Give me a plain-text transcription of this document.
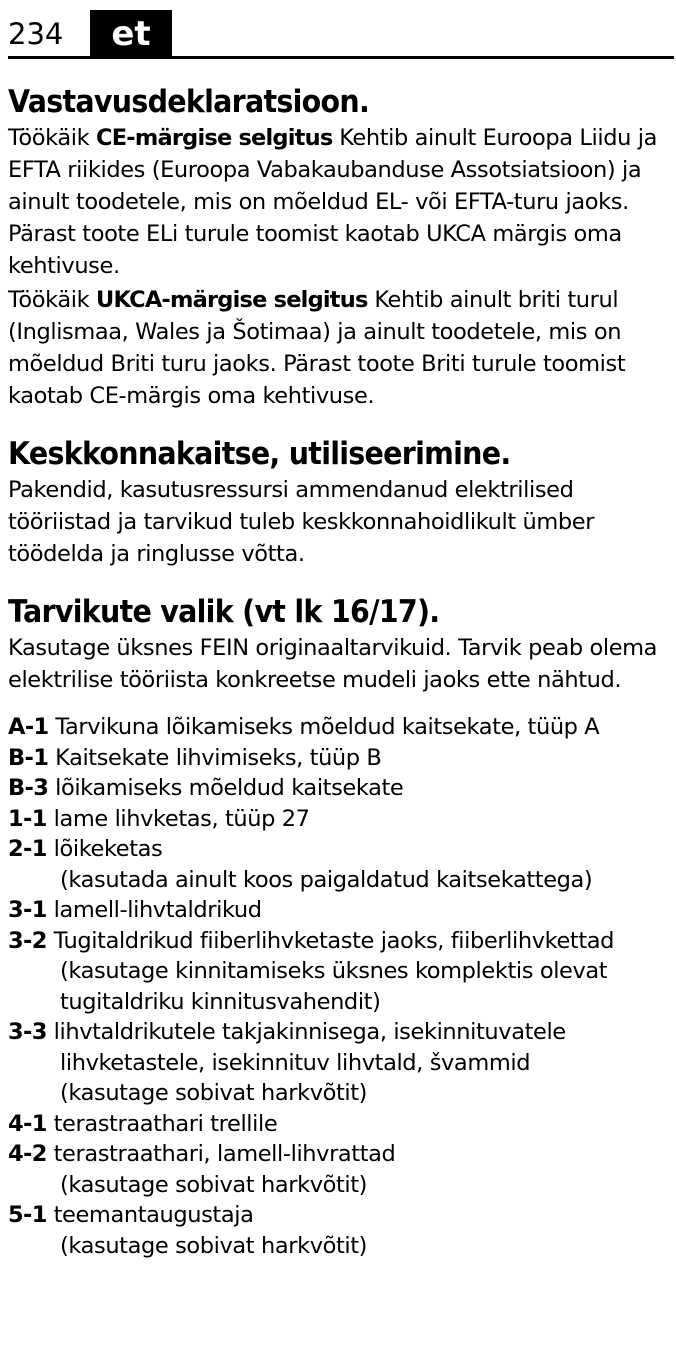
234	et
Vastavusdeklaratsioon.

Töökäik CE-märgise selgitus Kehtib ainult Euroopa Liidu ja EFTA riikides (Euroopa Vabakaubanduse Assotsiatsioon) ja ainult toodetele, mis on mõeldud EL- või EFTA-turu jaoks. Pärast toote ELi turule toomist kaotab UKCA märgis oma kehtivuse.

Töökäik UKCA-märgise selgitus Kehtib ainult briti turul (Inglismaa, Wales ja Šotimaa) ja ainult toodetele, mis on mõeldud Briti turu jaoks. Pärast toote Briti turule toomist kaotab CE-märgis oma kehtivuse.

Keskkonnakaitse, utiliseerimine.

Pakendid, kasutusressursi ammendanud elektrilised tööriistad ja tarvikud tuleb keskkonnahoidlikult ümber töödelda ja ringlusse võtta.

Tarvikute valik (vt lk 16/17).

Kasutage üksnes FEIN originaaltarvikuid. Tarvik peab olema elektrilise tööriista konkreetse mudeli jaoks ette nähtud.

A-1 Tarvikuna lõikamiseks mõeldud kaitsekate, tüüp A
B-1 Kaitsekate lihvimiseks, tüüp B
B-3 lõikamiseks mõeldud kaitsekate
1-1 lame lihvketas, tüüp 27
2-1 lõikeketas
(kasutada ainult koos paigaldatud kaitsekattega)
3-1 lamell-lihvtaldrikud
3-2 Tugitaldrikud fiiberlihvketaste jaoks, fiiberlihvkettad
(kasutage kinnitamiseks üksnes komplektis olevat tugitaldriku kinnitusvahendit)
3-3 lihvtaldrikutele takjakinnisega, isekinnituvatele lihvketastele, isekinnituv lihvtald, švammid
(kasutage sobivat harkvõtit)
4-1 terastraathari trellile
4-2 terastraathari, lamell-lihvrattad
(kasutage sobivat harkvõtit)
5-1 teemantaugustaja
(kasutage sobivat harkvõtit)
